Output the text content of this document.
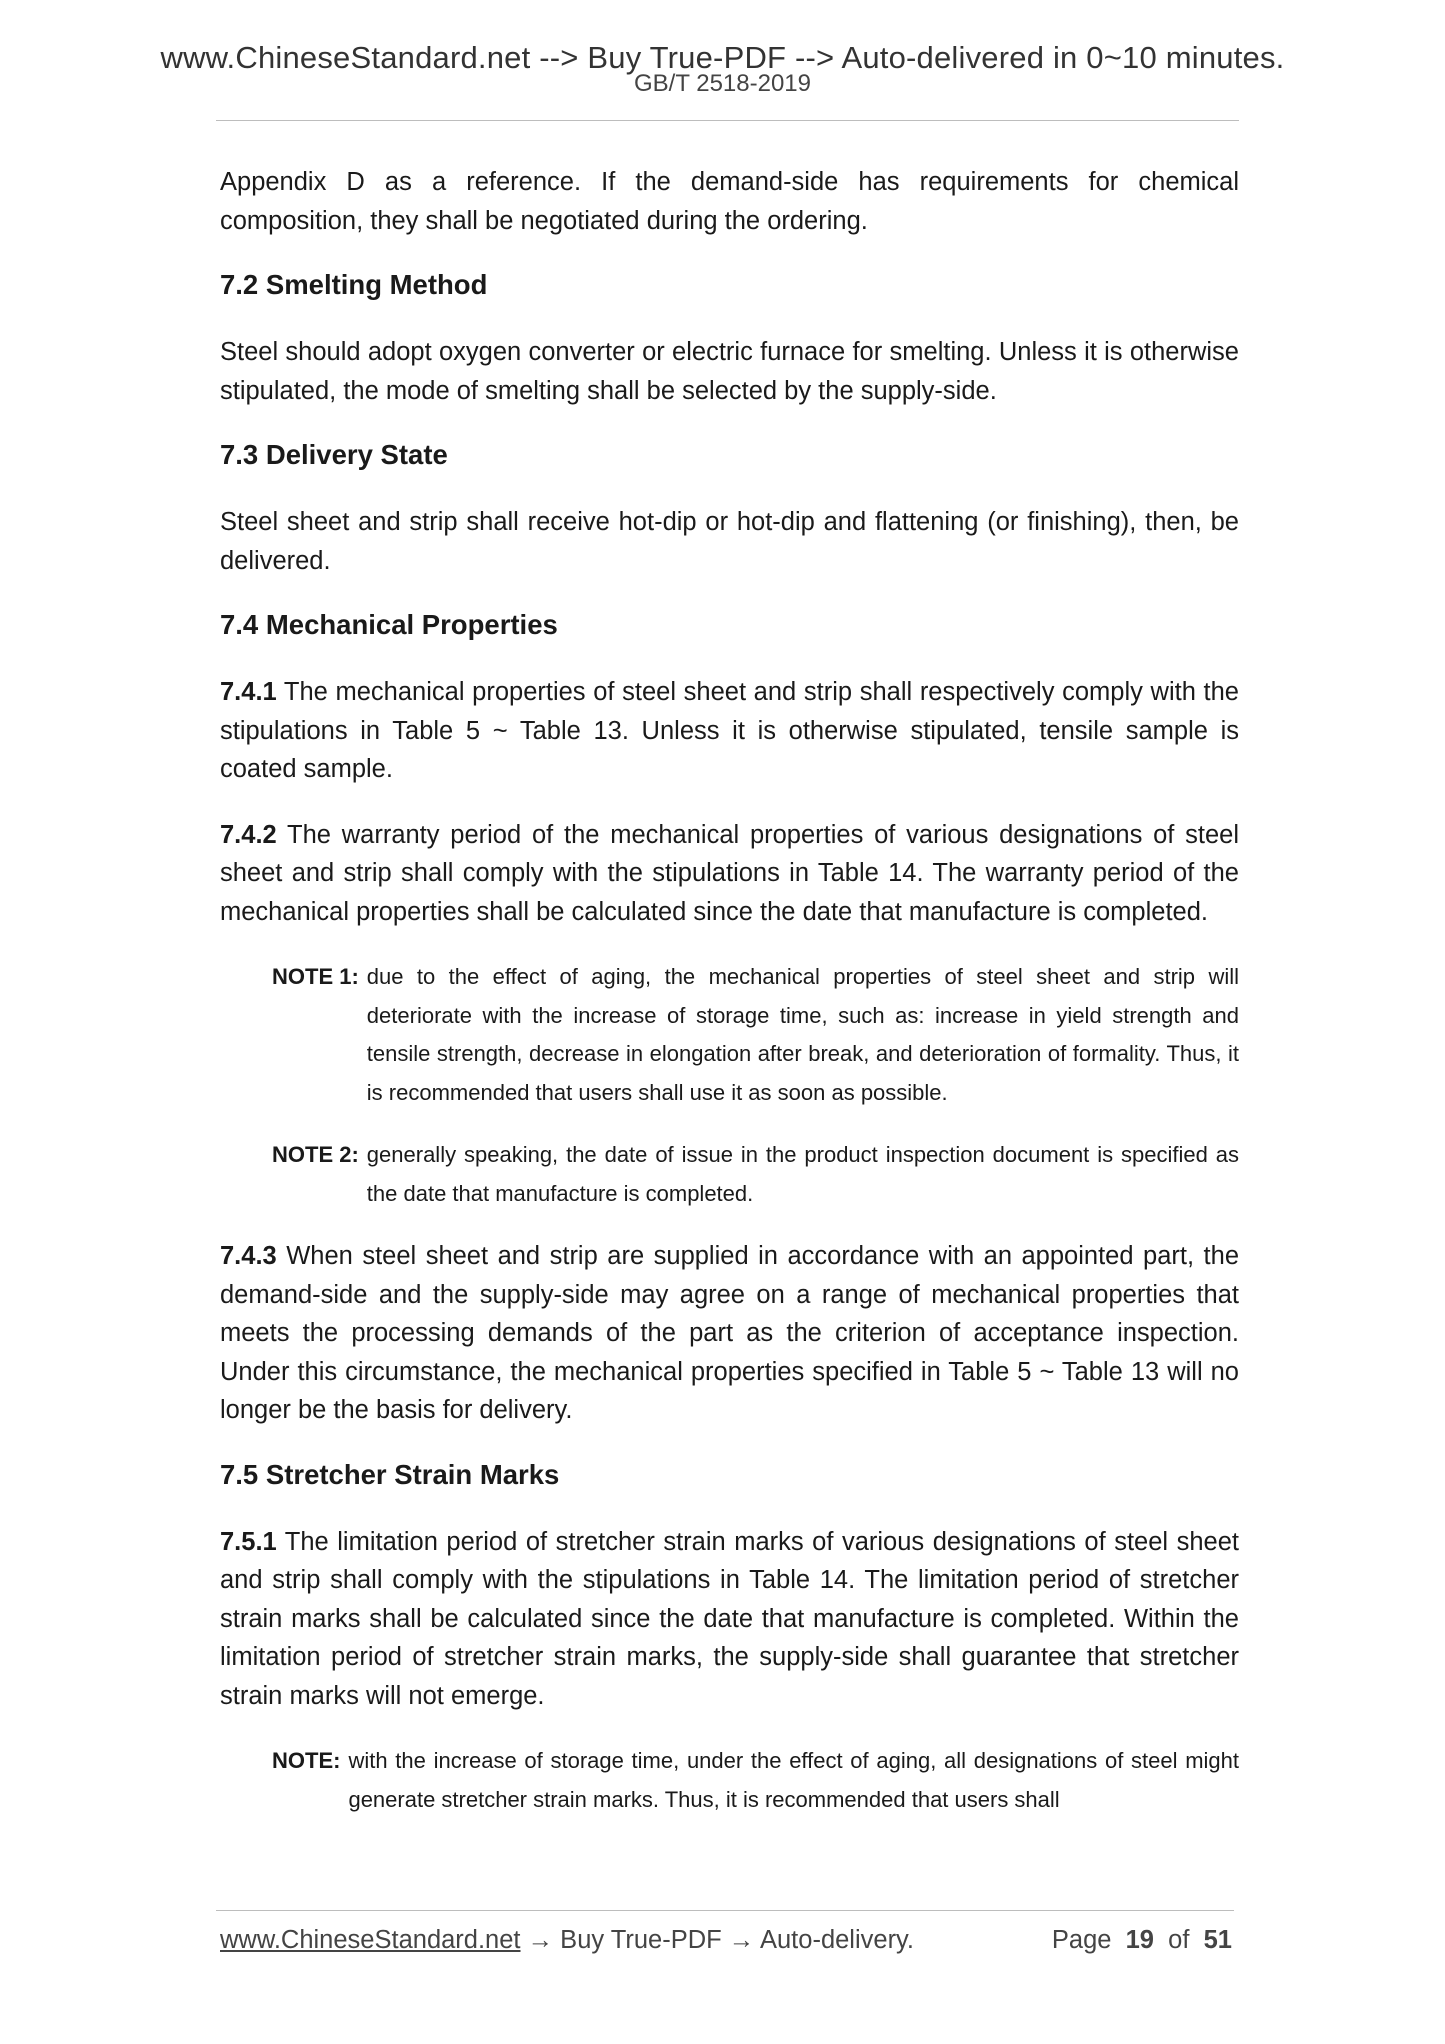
www.ChineseStandard.net --> Buy True-PDF --> Auto-delivered in 0~10 minutes.
GB/T 2518-2019

Appendix D as a reference. If the demand-side has requirements for chemical composition, they shall be negotiated during the ordering.

7.2 Smelting Method

Steel should adopt oxygen converter or electric furnace for smelting. Unless it is otherwise stipulated, the mode of smelting shall be selected by the supply-side.

7.3 Delivery State

Steel sheet and strip shall receive hot-dip or hot-dip and flattening (or finishing), then, be delivered.

7.4 Mechanical Properties

7.4.1 The mechanical properties of steel sheet and strip shall respectively comply with the stipulations in Table 5 ~ Table 13. Unless it is otherwise stipulated, tensile sample is coated sample.

7.4.2 The warranty period of the mechanical properties of various designations of steel sheet and strip shall comply with the stipulations in Table 14. The warranty period of the mechanical properties shall be calculated since the date that manufacture is completed.

NOTE 1: due to the effect of aging, the mechanical properties of steel sheet and strip will deteriorate with the increase of storage time, such as: increase in yield strength and tensile strength, decrease in elongation after break, and deterioration of formality. Thus, it is recommended that users shall use it as soon as possible.
NOTE 2: generally speaking, the date of issue in the product inspection document is specified as the date that manufacture is completed.

7.4.3 When steel sheet and strip are supplied in accordance with an appointed part, the demand-side and the supply-side may agree on a range of mechanical properties that meets the processing demands of the part as the criterion of acceptance inspection. Under this circumstance, the mechanical properties specified in Table 5 ~ Table 13 will no longer be the basis for delivery.

7.5 Stretcher Strain Marks

7.5.1 The limitation period of stretcher strain marks of various designations of steel sheet and strip shall comply with the stipulations in Table 14. The limitation period of stretcher strain marks shall be calculated since the date that manufacture is completed. Within the limitation period of stretcher strain marks, the supply-side shall guarantee that stretcher strain marks will not emerge.

NOTE: with the increase of storage time, under the effect of aging, all designations of steel might generate stretcher strain marks. Thus, it is recommended that users shall
www.ChineseStandard.net → Buy True-PDF → Auto-delivery.	Page 19 of 51
